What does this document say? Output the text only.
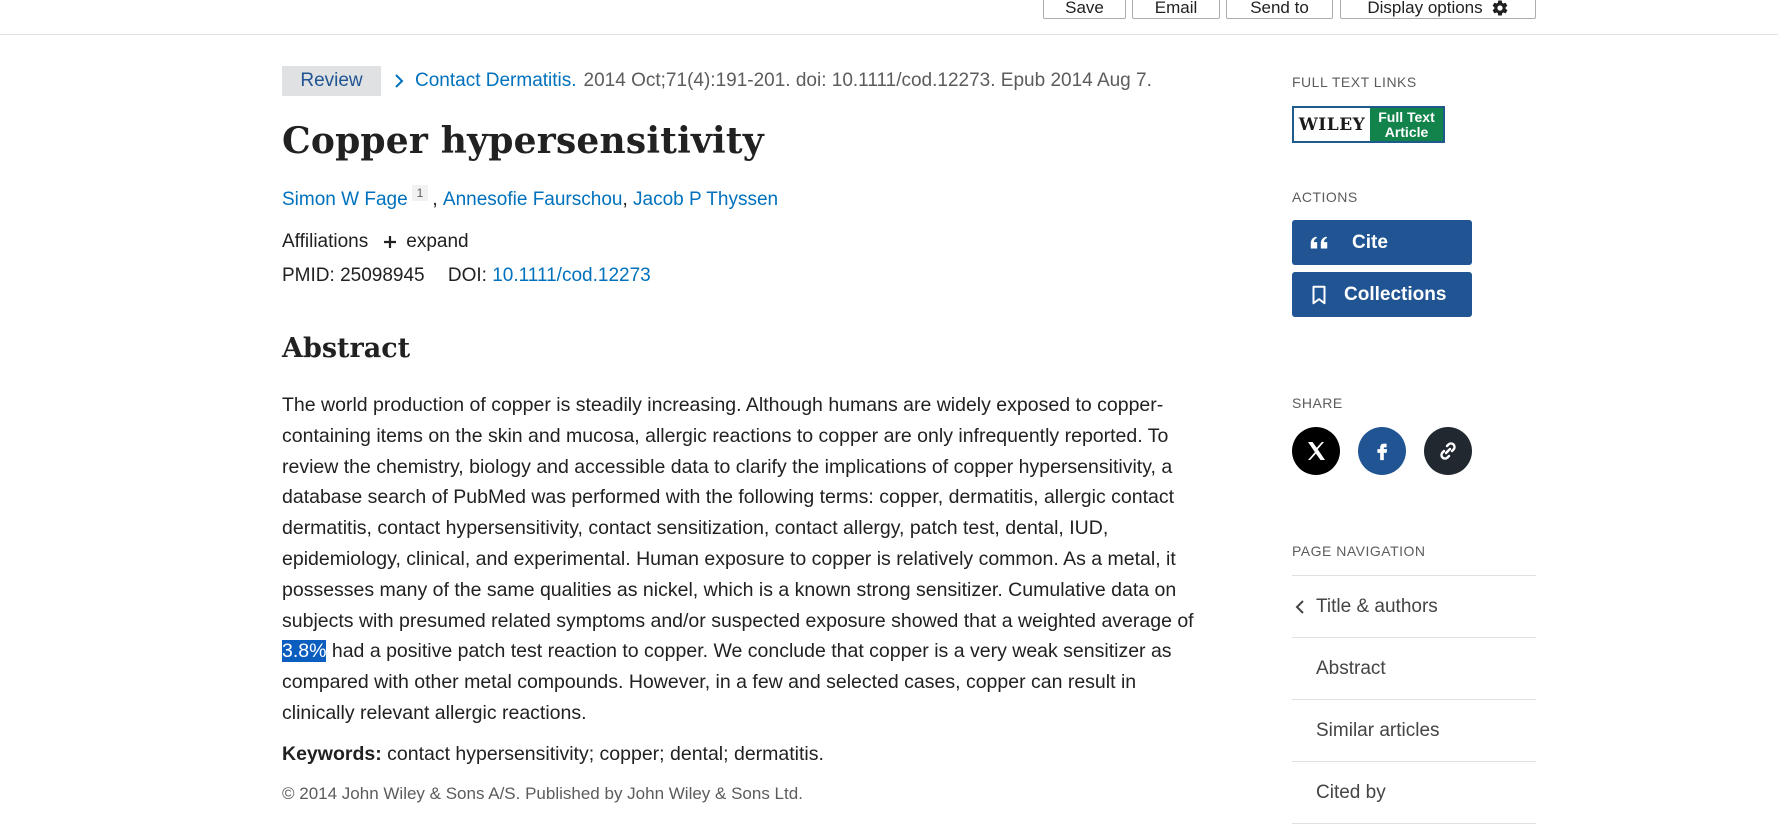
Save	Email	Send to	Display options
Review	Contact Dermatitis. 2014 Oct;71(4):191-201. doi: 10.1111/cod.12273. Epub 2014 Aug 7.
Copper hypersensitivity
Simon W Fage 1 , Annesofie Faurschou , Jacob P Thyssen
Affiliations expand
PMID: 25098945 DOI: 10.1111/cod.12273
Abstract

The world production of copper is steadily increasing. Although humans are widely exposed to copper-containing items on the skin and mucosa, allergic reactions to copper are only infrequently reported. To review the chemistry, biology and accessible data to clarify the implications of copper hypersensitivity, a database search of PubMed was performed with the following terms: copper, dermatitis, allergic contact dermatitis, contact hypersensitivity, contact sensitization, contact allergy, patch test, dental, IUD, epidemiology, clinical, and experimental. Human exposure to copper is relatively common. As a metal, it possesses many of the same qualities as nickel, which is a known strong sensitizer. Cumulative data on subjects with presumed related symptoms and/or suspected exposure showed that a weighted average of 3.8% had a positive patch test reaction to copper. We conclude that copper is a very weak sensitizer as compared with other metal compounds. However, in a few and selected cases, copper can result in clinically relevant allergic reactions.

Keywords: contact hypersensitivity; copper; dental; dermatitis.

© 2014 John Wiley & Sons A/S. Published by John Wiley & Sons Ltd.

FULL TEXT LINKS
WILEY Full Text
Article
ACTIONS
Cite
Collections
SHARE
PAGE NAVIGATION
Title & authors
Abstract
Similar articles
Cited by
